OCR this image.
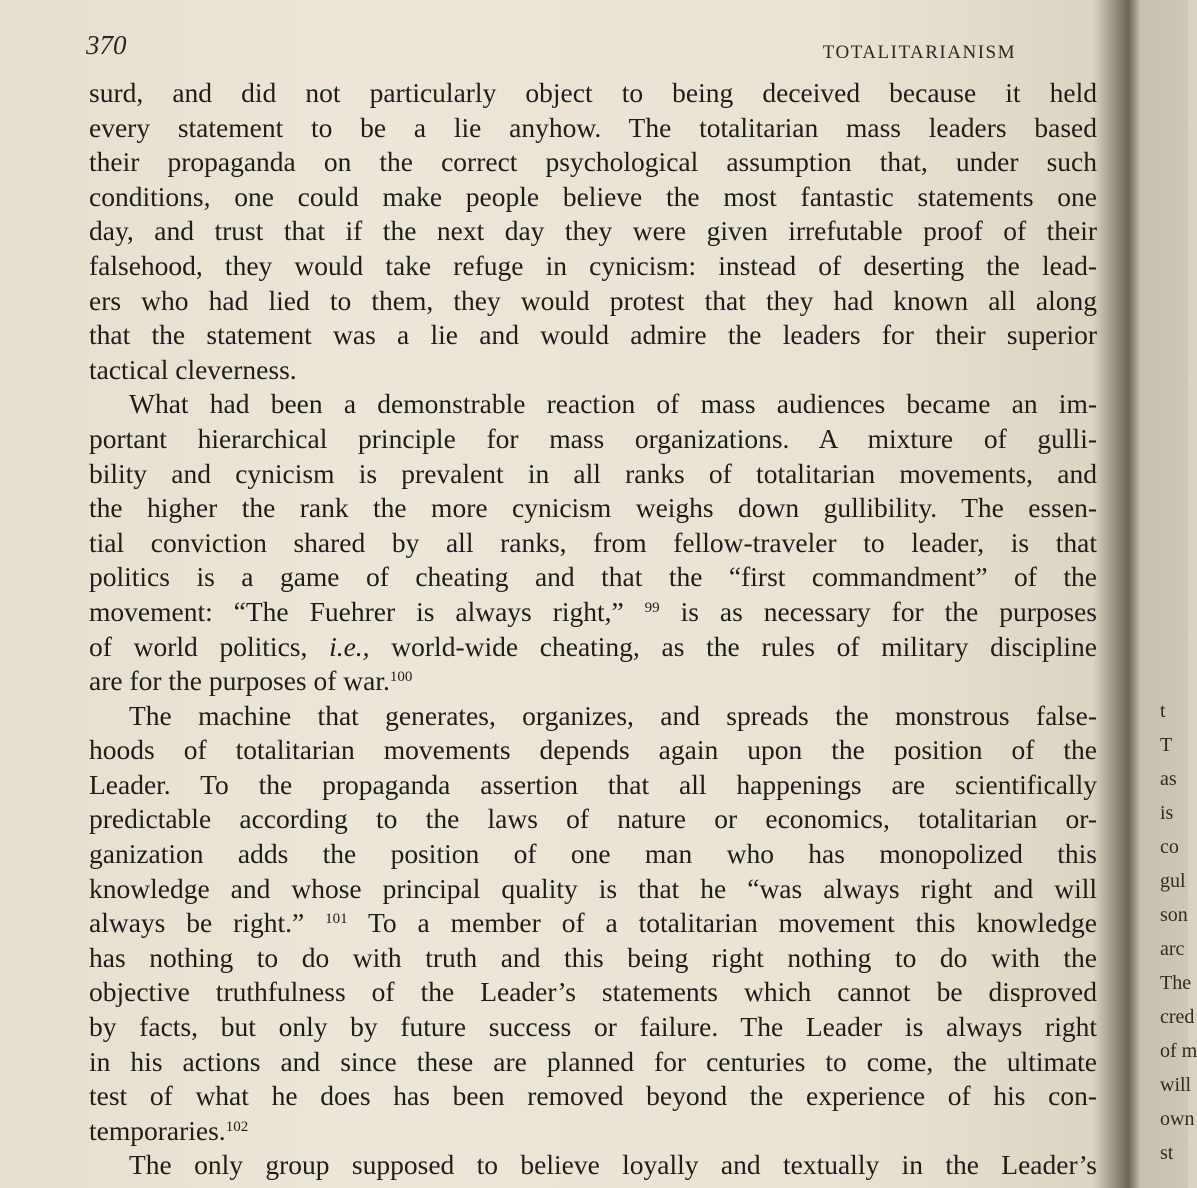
370	TOTALITARIANISM

surd, and did not particularly object to being deceived because it held
every statement to be a lie anyhow. The totalitarian mass leaders based
their propaganda on the correct psychological assumption that, under such
conditions, one could make people believe the most fantastic statements one
day, and trust that if the next day they were given irrefutable proof of their
falsehood, they would take refuge in cynicism: instead of deserting the lead-
ers who had lied to them, they would protest that they had known all along
that the statement was a lie and would admire the leaders for their superior
tactical cleverness.

What had been a demonstrable reaction of mass audiences became an im-
portant hierarchical principle for mass organizations. A mixture of gulli-
bility and cynicism is prevalent in all ranks of totalitarian movements, and
the higher the rank the more cynicism weighs down gullibility. The essen-
tial conviction shared by all ranks, from fellow-traveler to leader, is that
politics is a game of cheating and that the “first commandment” of the
movement: “The Fuehrer is always right,” $^{99}$ is as necessary for the purposes
of world politics, i.e., world-wide cheating, as the rules of military discipline
are for the purposes of war.$^{100}$

The machine that generates, organizes, and spreads the monstrous false-
hoods of totalitarian movements depends again upon the position of the
Leader. To the propaganda assertion that all happenings are scientifically
predictable according to the laws of nature or economics, totalitarian or-
ganization adds the position of one man who has monopolized this
knowledge and whose principal quality is that he “was always right and will
always be right.” $^{101}$ To a member of a totalitarian movement this knowledge
has nothing to do with truth and this being right nothing to do with the
objective truthfulness of the Leader’s statements which cannot be disproved
by facts, but only by future success or failure. The Leader is always right
in his actions and since these are planned for centuries to come, the ultimate
test of what he does has been removed beyond the experience of his con-
temporaries.$^{102}$

The only group supposed to believe loyally and textually in the Leader’s

t
T
as
is
co
gul
son
arc
The
cred
of m
will
own
st
